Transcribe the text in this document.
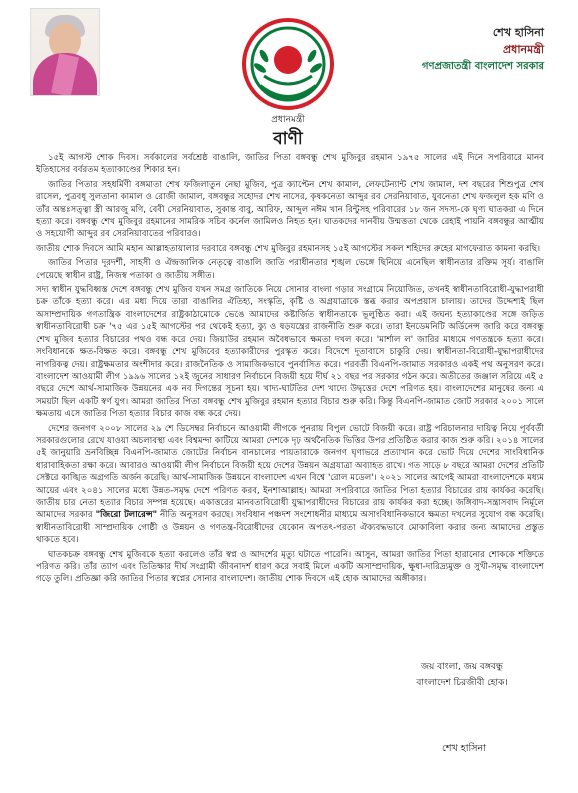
প্রধানমন্ত্রী
বাণী
শেখ হাসিনা
প্রধানমন্ত্রী
গণপ্রজাতন্ত্রী বাংলাদেশ সরকার

১৫ই আগস্ট শোক দিবস। সর্বকালের সর্বশ্রেষ্ঠ বাঙালি, জাতির পিতা বঙ্গবন্ধু শেখ মুজিবুর রহমান ১৯৭৫ সালের এই দিনে সপরিবারে মানব ইতিহাসের বর্বরতম হত্যাকাণ্ডের শিকার হন।

জাতির পিতার সহধর্মিণী বঙ্গমাতা শেখ ফজিলাতুন নেছা মুজিব, পুত্র ক্যাপ্টেন শেখ কামাল, লেফটেন্যান্ট শেখ জামাল, দশ বছরের শিশুপুত্র শেখ রাসেল, পুত্রবধূ সুলতানা কামাল ও রোজী জামাল, বঙ্গবন্ধুর সহোদর শেখ নাসের, কৃষকনেতা আব্দুর রব সেরনিয়াবাত, যুবনেতা শেখ ফজলুল হক মণি ও তাঁর অন্তঃসত্ত্বা স্ত্রী আরজু মণি, বেবী সেরনিয়াবাত, সুকান্ত বাবু, আরিফ, আব্দুল নঈম খান রিন্টুসহ পরিবারের ১৮ জন সদস্য-কে ঘৃণ্য ঘাতকরা এ দিনে হত্যা করে। বঙ্গবন্ধু শেখ মুজিবুর রহমানের সামরিক সচিব কর্নেল জামিলও নিহত হন। ঘাতকদের দানবীয় উন্মত্ততা থেকে রেহাই পায়নি বঙ্গবন্ধুর আত্মীয় ও সহযোগী আব্দুর রব সেরনিয়াবাতের পরিবারও।

জাতীয় শোক দিবসে আমি মহান আল্লাহতায়ালার দরবারে বঙ্গবন্ধু শেখ মুজিবুর রহমানসহ ১৫ই আগস্টের সকল শহিদের রুহের মাগফেরাত কামনা করছি।

জাতির পিতার দূরদর্শী, সাহসী ও ঐন্দ্রজালিক নেতৃত্বে বাঙালি জাতি পরাধীনতার শৃঙ্খল ভেঙ্গে ছিনিয়ে এনেছিল স্বাধীনতার রক্তিম সূর্য। বাঙালি পেয়েছে স্বাধীন রাষ্ট্র, নিজস্ব পতাকা ও জাতীয় সঙ্গীত।

সদ্য স্বাধীন যুদ্ধবিধ্বস্ত দেশে বঙ্গবন্ধু শেখ মুজিব যখন সমগ্র জাতিকে নিয়ে সোনার বাংলা গড়ার সংগ্রামে নিয়োজিত, তখনই স্বাধীনতাবিরোধী-যুদ্ধাপরাধী চক্র তাঁকে হত্যা করে। এর মধ্য দিয়ে তারা বাঙালির ঐতিহ্য, সংস্কৃতি, কৃষ্টি ও অগ্রযাত্রাকে স্তব্ধ করার অপপ্রয়াস চালায়। তাদের উদ্দেশ্যই ছিল অসাম্প্রদায়িক গণতান্ত্রিক বাংলাদেশের রাষ্ট্রকাঠামোকে ভেঙে আমাদের কষ্টার্জিত স্বাধীনতাকে ভূলুণ্ঠিত করা। এই জঘন্য হত্যাকাণ্ডের সঙ্গে জড়িত স্বাধীনতাবিরোধী চক্র '৭৫ এর ১৫ই আগস্টের পর থেকেই হত্যা, ক্যু ও ষড়যন্ত্রের রাজনীতি শুরু করে। তারা ইনডেমনিটি অর্ডিনেন্স জারি করে বঙ্গবন্ধু শেখ মুজিব হত্যার বিচারের পথও বন্ধ করে দেয়। জিয়াউর রহমান অবৈধভাবে ক্ষমতা দখল করে। 'মার্শাল ল' জারির মাধ্যমে গণতন্ত্রকে হত্যা করে। সংবিধানকে ক্ষত-বিক্ষত করে। বঙ্গবন্ধু শেখ মুজিবের হত্যাকারীদের পুরস্কৃত করে। বিদেশে দূতাবাসে চাকুরি দেয়। স্বাধীনতা-বিরোধী-যুদ্ধাপরাধীদের নাগরিকত্ব দেয়। রাষ্ট্রক্ষমতার অংশীদার করে। রাজনৈতিক ও সামাজিকভাবে পুনর্বাসিত করে। পরবর্তী বিএনপি-জামাত সরকারও একই পথ অনুসরণ করে। বাংলাদেশ আওয়ামী লীগ ১৯৯৬ সালের ১২ই জুনের সাধারণ নির্বাচনে বিজয়ী হয়ে দীর্ঘ ২১ বছর পর সরকার গঠন করে। অতীতের জঞ্জাল সরিয়ে এই ৫ বছরে দেশে আর্থ-সামাজিক উন্নয়নের এক নব দিগন্তের সূচনা হয়। খাদ্য-ঘাটতির দেশ খাদ্যে উদ্বৃত্তের দেশে পরিণত হয়। বাংলাদেশের মানুষের জন্য এ সময়টা ছিল একটি স্বর্ণ যুগ। আমরা জাতির পিতা বঙ্গবন্ধু শেখ মুজিবুর রহমান হত্যার বিচার শুরু করি। কিন্তু বিএনপি-জামাত জোট সরকার ২০০১ সালে ক্ষমতায় এসে জাতির পিতা হত্যার বিচার কাজ বন্ধ করে দেয়।

দেশের জনগণ ২০০৮ সালের ২৯ শে ডিসেম্বর নির্বাচনে আওয়ামী লীগকে পুনরায় বিপুল ভোটে বিজয়ী করে। রাষ্ট্র পরিচালনার দায়িত্ব নিয়ে পূর্ববর্তী সরকারগুলোর রেখে যাওয়া অচলাবস্থা এবং বিশ্বমন্দা কাটিয়ে আমরা দেশকে দৃঢ় অর্থনৈতিক ভিত্তির উপর প্রতিষ্ঠিত করার কাজ শুরু করি। ২০১৪ সালের ৫ই জানুয়ারি ভ্রনবিচ্ছিন্ন বিএনপি-জামাত জোটের নির্বাচন বানচালের পায়তারাকে জনগণ ঘৃণাভরে প্রত্যাখান করে ভোট দিয়ে দেশের সাংবিধানিক ধারাবাহিকতা রক্ষা করে। আবারও আওয়ামী লীগ নির্বাচনে বিজয়ী হয়ে দেশের উন্নয়ন অগ্রযাত্রা অব্যাহত রাখে। গত সাড়ে ৮ বছরে আমরা দেশের প্রতিটি সেক্টরে কাঙ্খিত অগ্রগতি অর্জন করেছি। আর্থ-সামাজিক উন্নয়নে বাংলাদেশ এখন বিশ্বে 'রোল মডেল'। ২০২১ সালের আগেই আমরা বাংলাদেশকে মধ্যম আয়ের এবং ২০৪১ সালের মধ্যে উন্নত-সমৃদ্ধ দেশে পরিণত করব, ইনশাআল্লাহ। আমরা সপরিবারে জাতির পিতা হত্যার বিচারের রায় কার্যকর করেছি। জাতীয় চার নেতা হত্যার বিচার সম্পন্ন হয়েছে। একাত্তরের মানবতাবিরোধী যুদ্ধাপরাধীদের বিচারের রায় কার্যকর করা হচ্ছে। জঙ্গিবাদ-সন্ত্রাসবাদ নির্মূলে আমাদের সরকার "জিরো টলারেন্স" নীতি অনুসরণ করছে। সংবিধান পঞ্চদশ সংশোধনীর মাধ্যমে অসাংবিধানিকভাবে ক্ষমতা দখলের সুযোগ বন্ধ করেছি। স্বাধীনতাবিরোধী সাম্প্রদায়িক গোষ্ঠী ও উন্নয়ন ও গণতন্ত্র-বিরোধীদের যেকোন অপতৎ-পরতা ঐক্যবদ্ধভাবে মোকাবিলা করার জন্য আমাদের প্রস্তুত থাকতে হবে।

ঘাতকচক্র বঙ্গবন্ধু শেখ মুজিবকে হত্যা করলেও তাঁর স্বপ্ন ও আদর্শের মৃত্যু ঘটাতে পারেনি। আসুন, আমরা জাতির পিতা হারানোর শোককে শক্তিতে পরিণত করি। তাঁর ত্যাগ এবং তিতিক্ষার দীর্ঘ সংগ্রামী জীবনাদর্শ ধারণ করে সবাই মিলে একটি অসাম্প্রদায়িক, ক্ষুধা-দারিদ্র্যমুক্ত ও সুখী-সমৃদ্ধ বাংলাদেশ গড়ে তুলি। প্রতিজ্ঞা করি জাতির পিতার স্বপ্নের সোনার বাংলাদেশ। জাতীয় শোক দিবসে এই হোক আমাদের অঙ্গীকার।

জয় বাংলা, জয় বঙ্গবন্ধু
বাংলাদেশ চিরজীবী হোক।
শেখ হাসিনা
